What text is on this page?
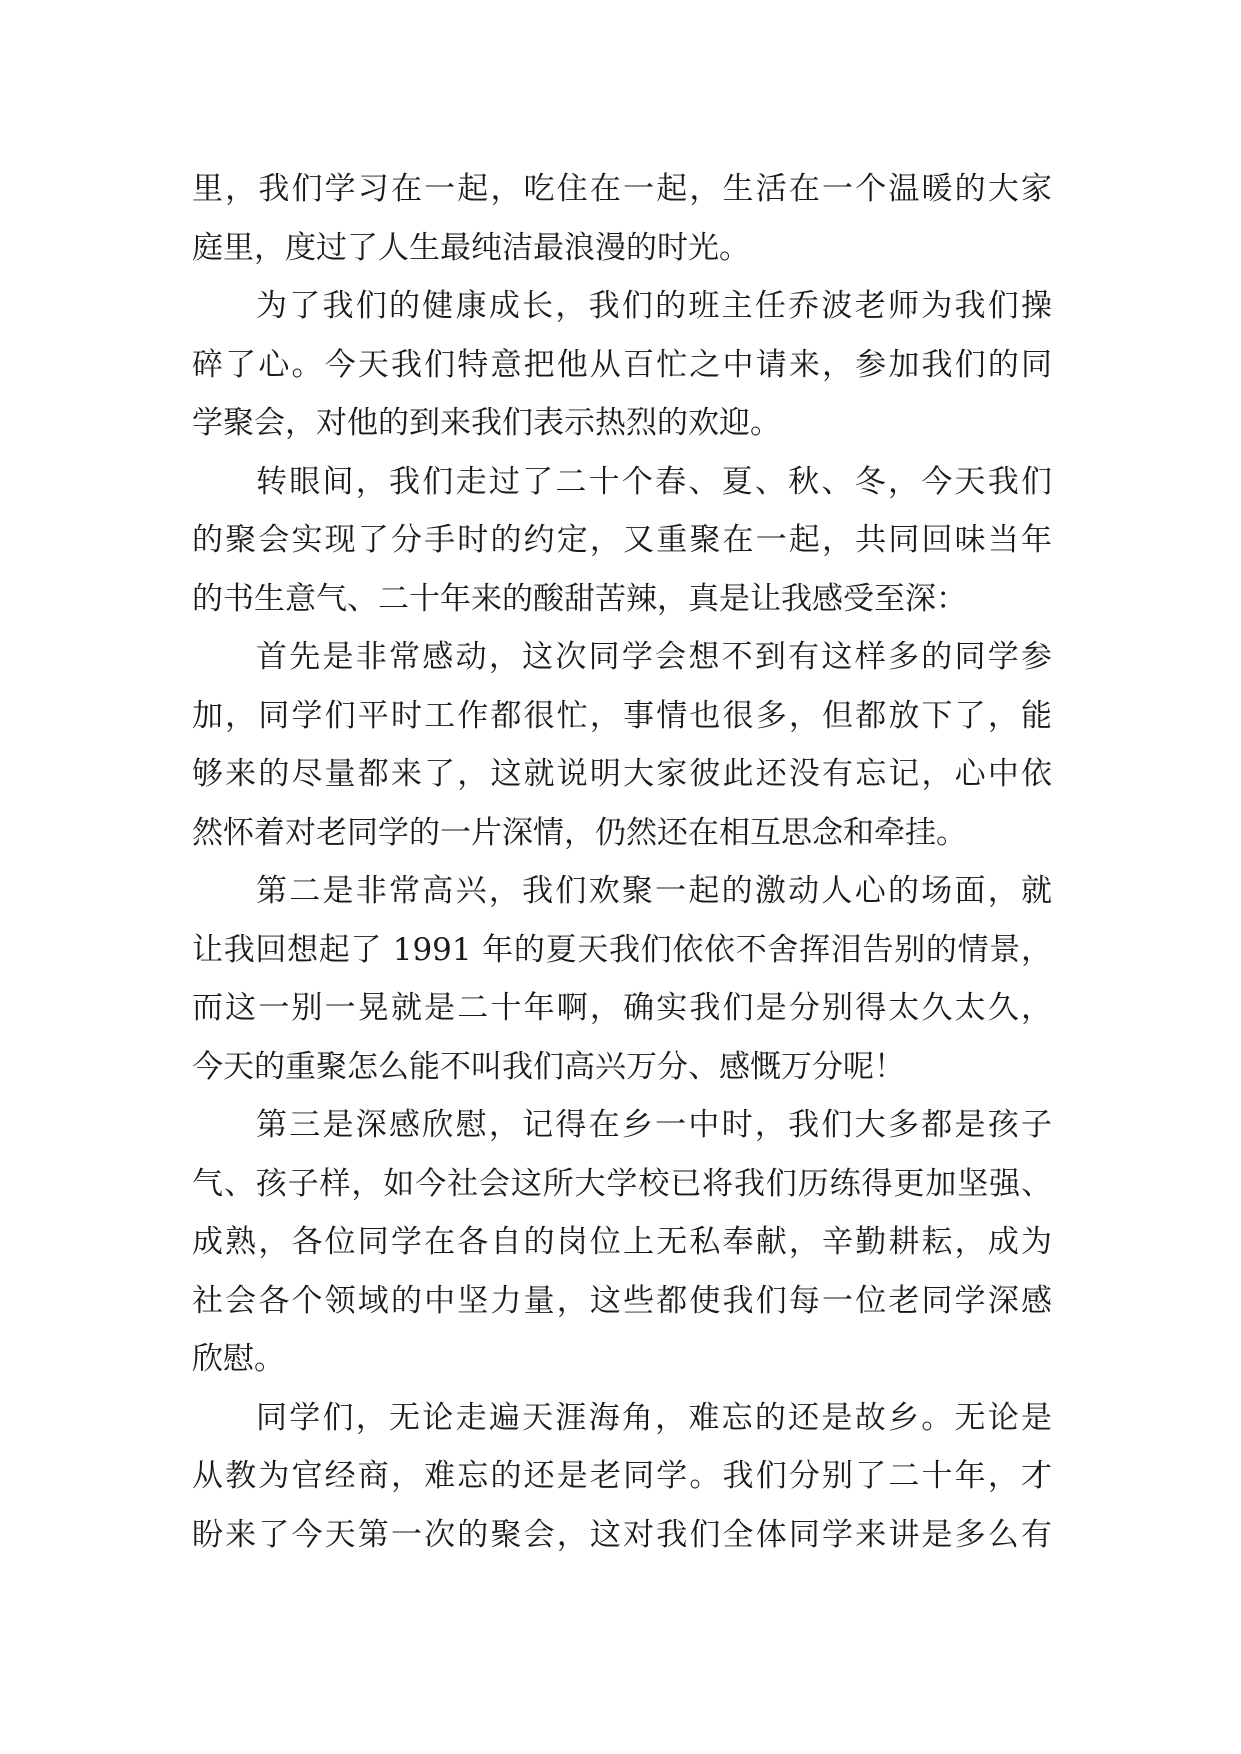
里，我们学习在一起，吃住在一起，生活在一个温暖的大家
庭里，度过了人生最纯洁最浪漫的时光。
为了我们的健康成长，我们的班主任乔波老师为我们操
碎了心。今天我们特意把他从百忙之中请来，参加我们的同
学聚会，对他的到来我们表示热烈的欢迎。
转眼间，我们走过了二十个春、夏、秋、冬，今天我们
的聚会实现了分手时的约定，又重聚在一起，共同回味当年
的书生意气、二十年来的酸甜苦辣，真是让我感受至深：
首先是非常感动，这次同学会想不到有这样多的同学参
加，同学们平时工作都很忙，事情也很多，但都放下了，能
够来的尽量都来了，这就说明大家彼此还没有忘记，心中依
然怀着对老同学的一片深情，仍然还在相互思念和牵挂。
第二是非常高兴，我们欢聚一起的激动人心的场面，就
让我回想起了 1991 年的夏天我们依依不舍挥泪告别的情景，
而这一别一晃就是二十年啊，确实我们是分别得太久太久，
今天的重聚怎么能不叫我们高兴万分、感慨万分呢！
第三是深感欣慰，记得在乡一中时，我们大多都是孩子
气、孩子样，如今社会这所大学校已将我们历练得更加坚强、
成熟，各位同学在各自的岗位上无私奉献，辛勤耕耘，成为
社会各个领域的中坚力量，这些都使我们每一位老同学深感
欣慰。
同学们，无论走遍天涯海角，难忘的还是故乡。无论是
从教为官经商，难忘的还是老同学。我们分别了二十年，才
盼来了今天第一次的聚会，这对我们全体同学来讲是多么有
